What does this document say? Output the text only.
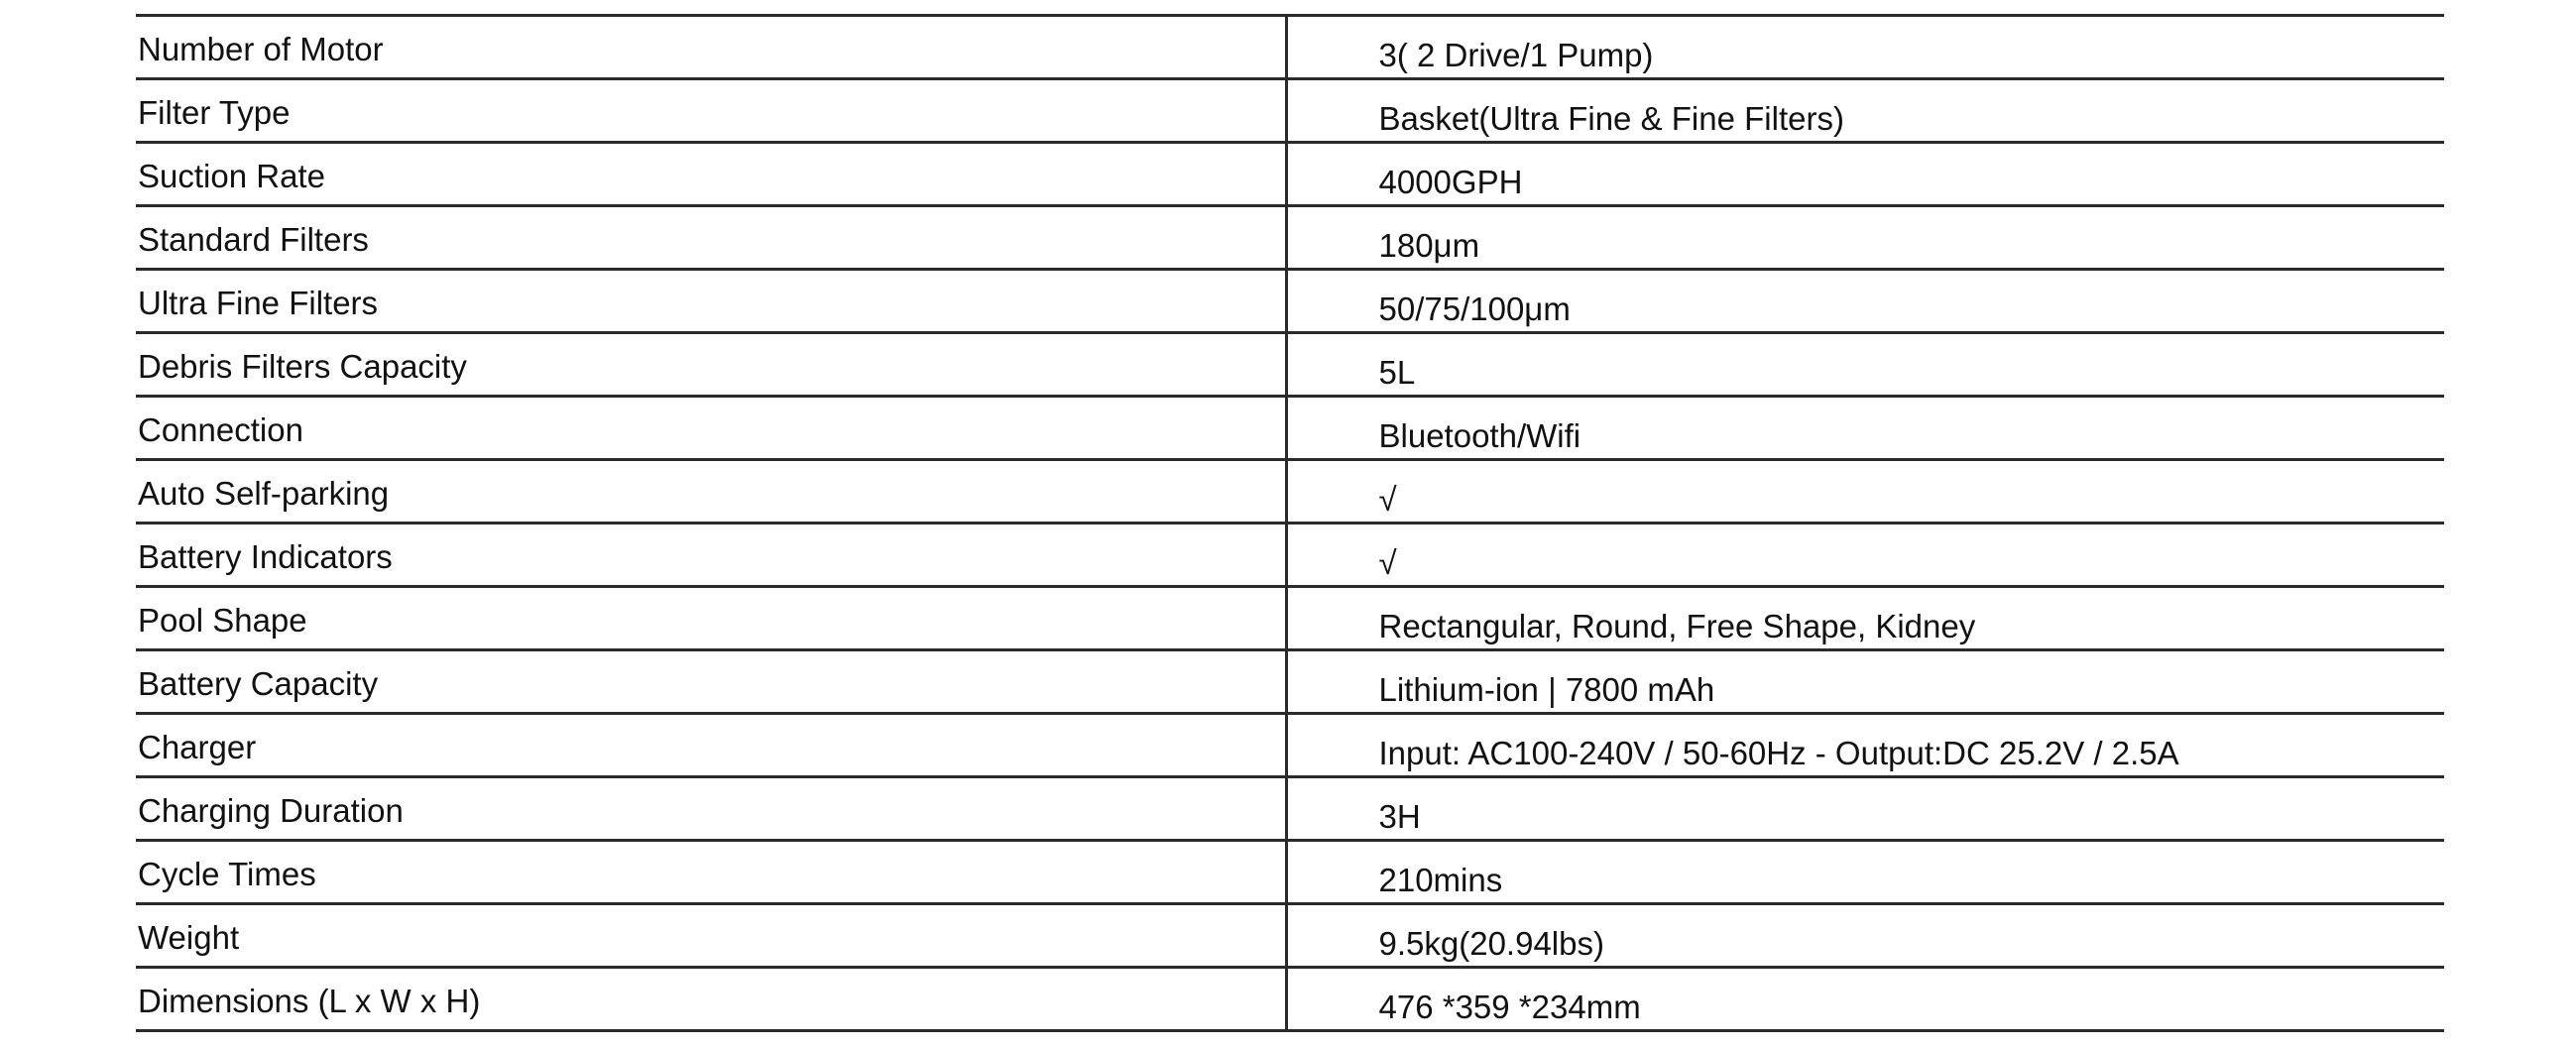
Number of Motor	3( 2 Drive/1 Pump)
Filter Type	Basket(Ultra Fine & Fine Filters)
Suction Rate	4000GPH
Standard Filters	180μm
Ultra Fine Filters	50/75/100μm
Debris Filters Capacity	5L
Connection	Bluetooth/Wifi
Auto Self-parking	√
Battery Indicators	√
Pool Shape	Rectangular, Round, Free Shape, Kidney
Battery Capacity	Lithium-ion | 7800 mAh
Charger	Input: AC100-240V / 50-60Hz - Output:DC 25.2V / 2.5A
Charging Duration	3H
Cycle Times	210mins
Weight	9.5kg(20.94lbs)
Dimensions (L x W x H)	476 *359 *234mm
